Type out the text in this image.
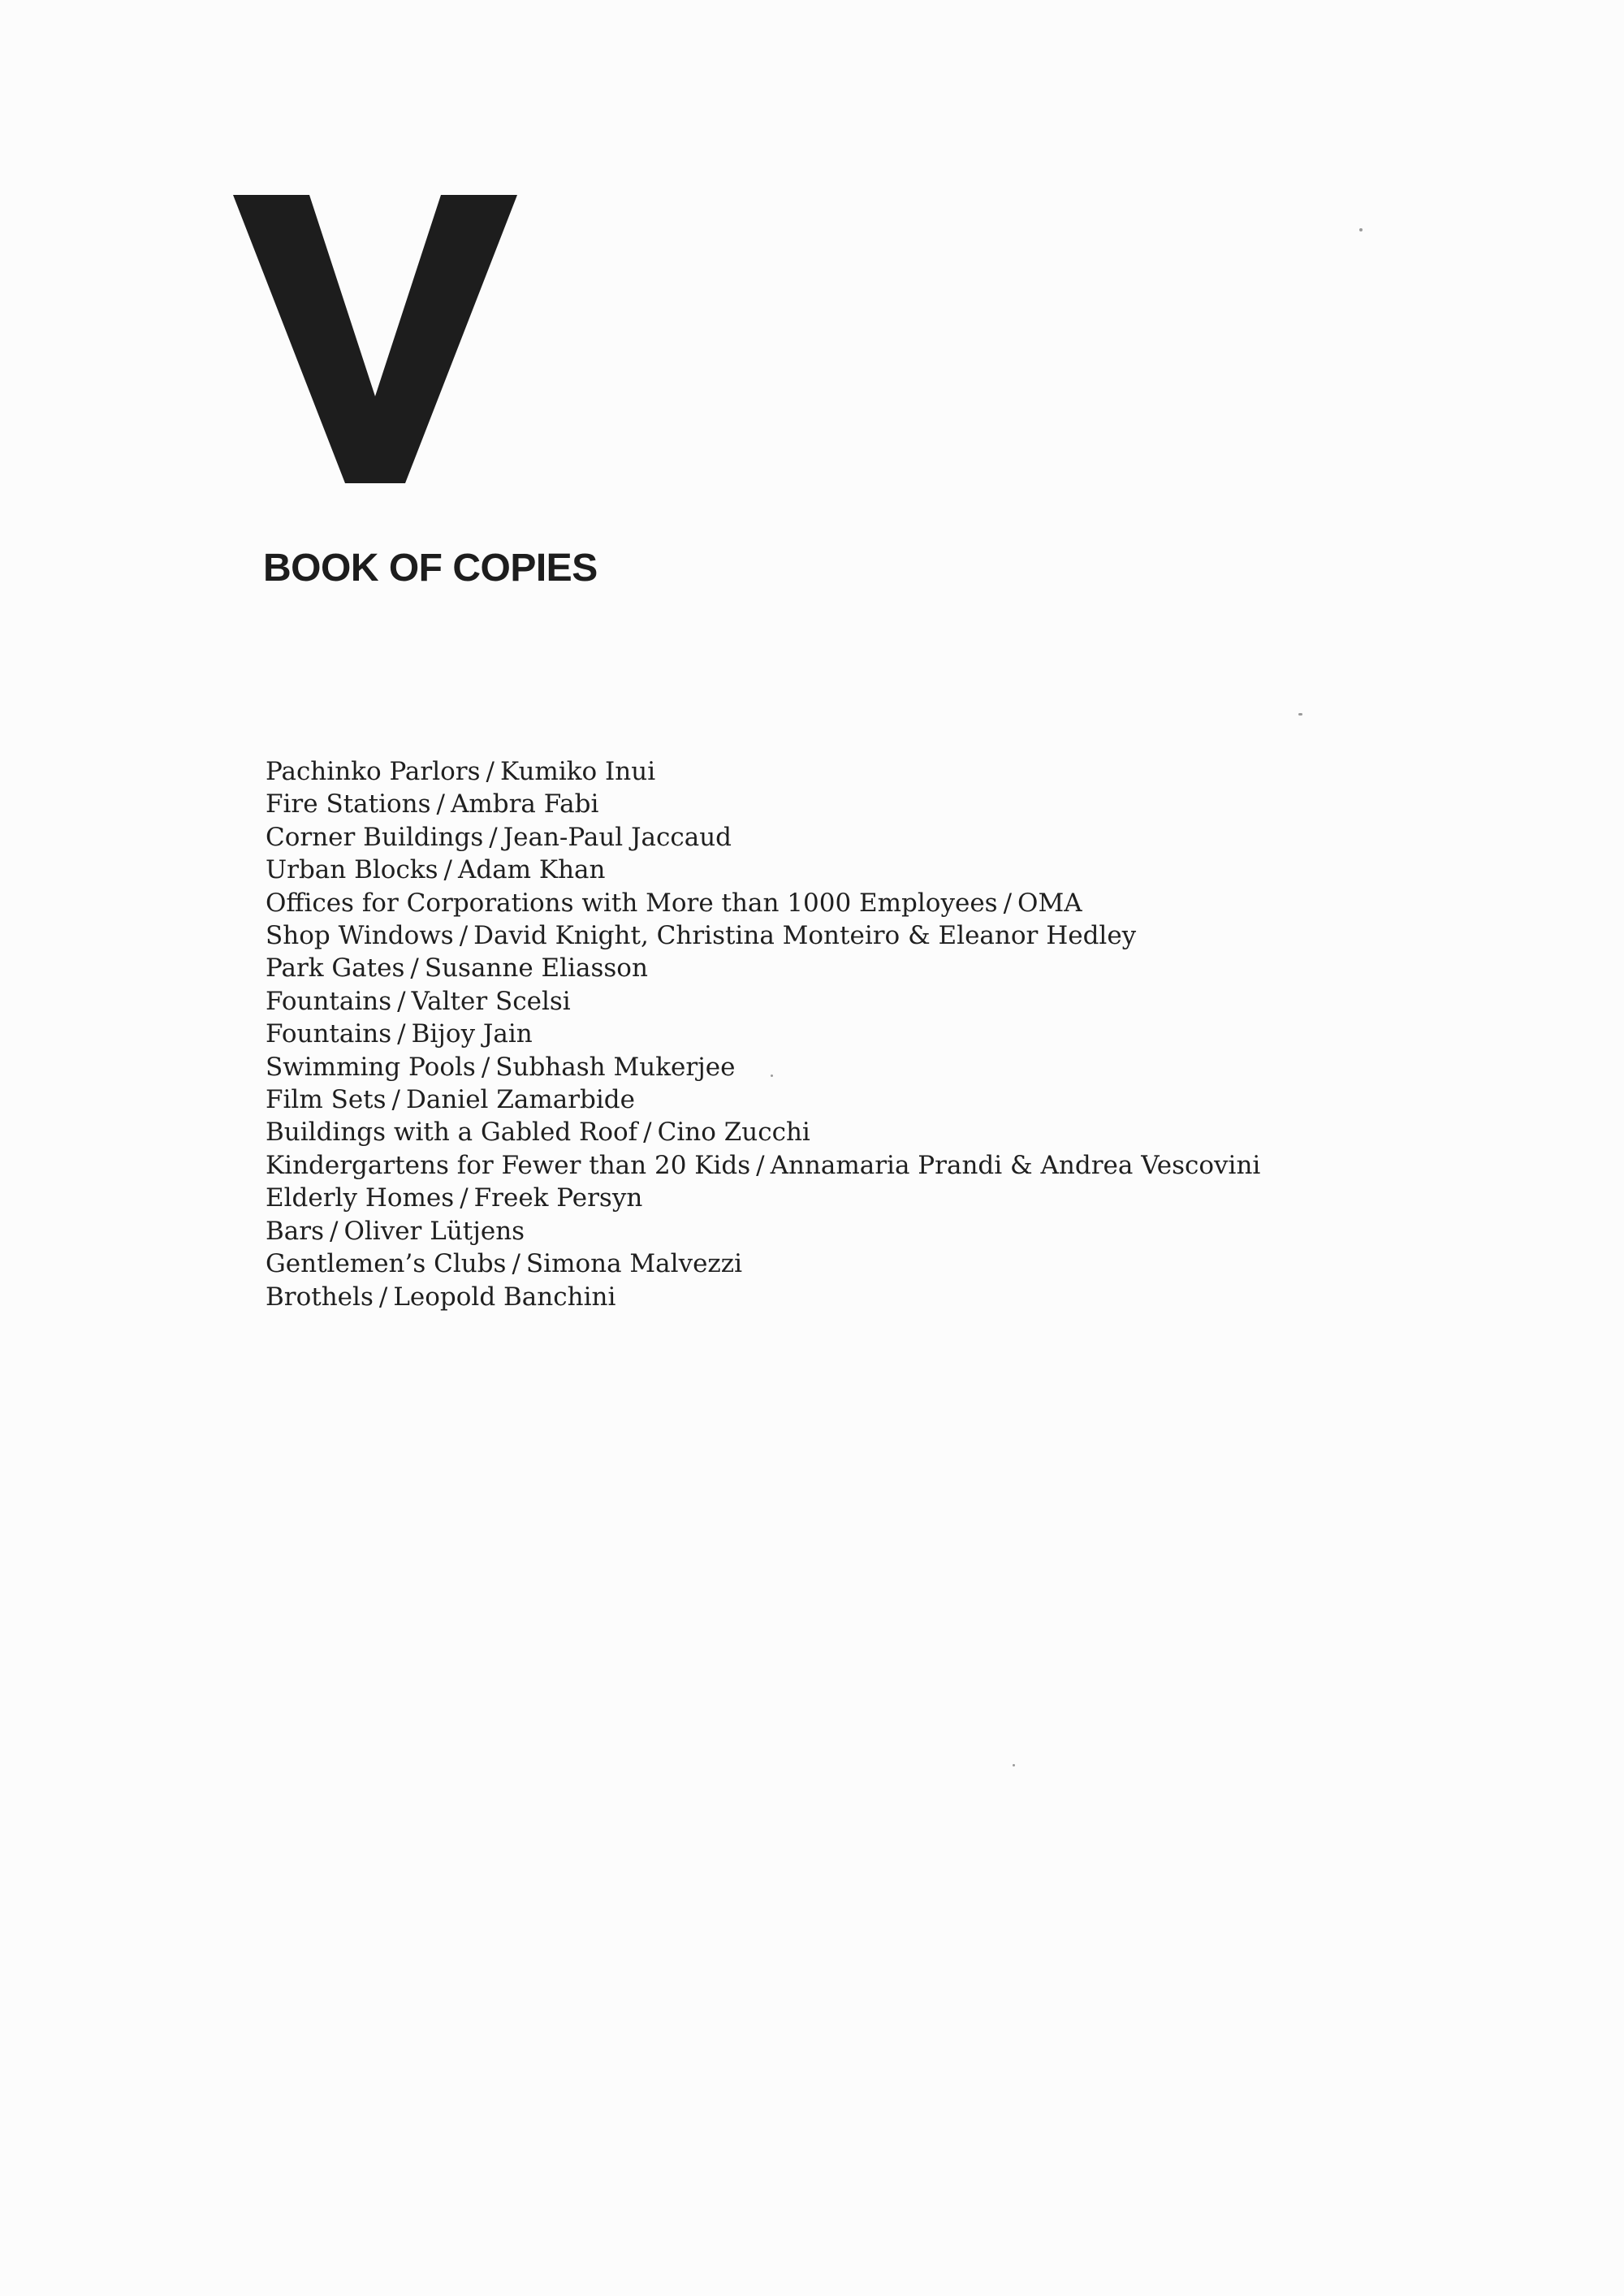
BOOK OF COPIES
Pachinko Parlors / Kumiko Inui
Fire Stations / Ambra Fabi
Corner Buildings / Jean-Paul Jaccaud
Urban Blocks / Adam Khan
Offices for Corporations with More than 1000 Employees / OMA
Shop Windows / David Knight, Christina Monteiro & Eleanor Hedley
Park Gates / Susanne Eliasson
Fountains / Valter Scelsi
Fountains / Bijoy Jain
Swimming Pools / Subhash Mukerjee
Film Sets / Daniel Zamarbide
Buildings with a Gabled Roof / Cino Zucchi
Kindergartens for Fewer than 20 Kids / Annamaria Prandi & Andrea Vescovini
Elderly Homes / Freek Persyn
Bars / Oliver Lütjens
Gentlemen’s Clubs / Simona Malvezzi
Brothels / Leopold Banchini
